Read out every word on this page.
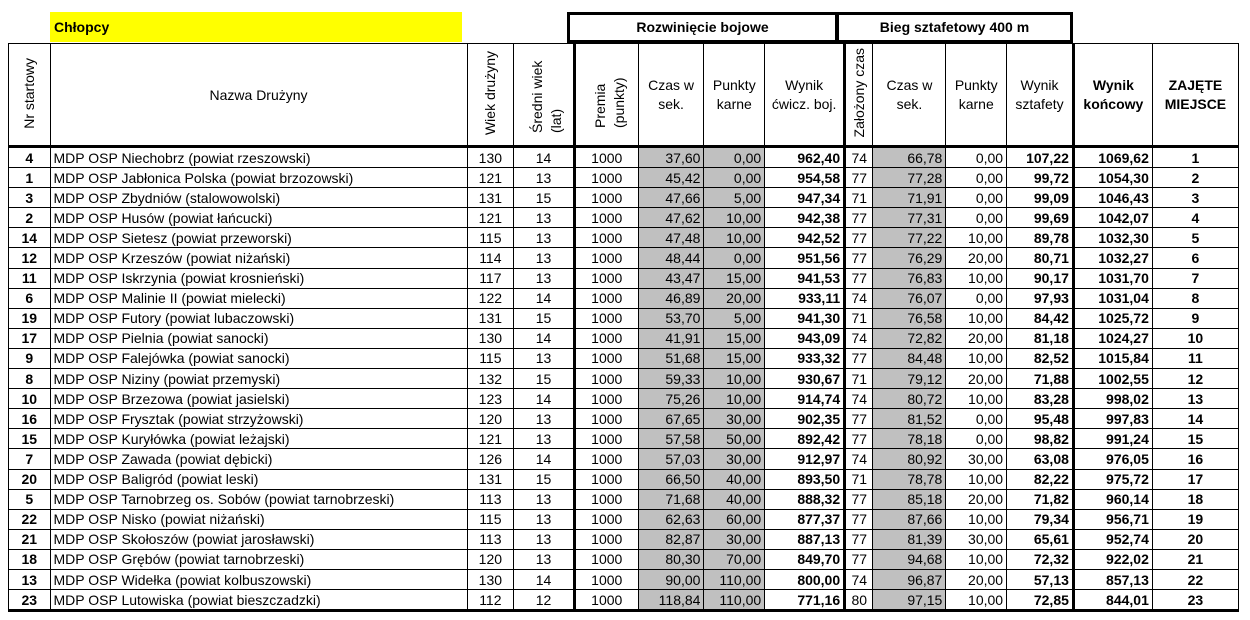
Chłopcy	Rozwinięcie bojowe	Bieg sztafetowy 400 m
Nr startowy	Nazwa Drużyny	Wiek drużyny	Średni wiek (lat)	Premia (punkty)	Czas w sek.	Punkty karne	Wynik ćwicz. boj.	Założony czas	Czas w sek.	Punkty karne	Wynik sztafety	Wynik końcowy	ZAJĘTE MIEJSCE
4	MDP OSP Niechobrz (powiat rzeszowski)	130	14	1000	37,60	0,00	962,40	74	66,78	0,00	107,22	1069,62	1
1	MDP OSP Jabłonica Polska (powiat brzozowski)	121	13	1000	45,42	0,00	954,58	77	77,28	0,00	99,72	1054,30	2
3	MDP OSP Zbydniów (stalowowolski)	131	15	1000	47,66	5,00	947,34	71	71,91	0,00	99,09	1046,43	3
2	MDP OSP Husów (powiat łańcucki)	121	13	1000	47,62	10,00	942,38	77	77,31	0,00	99,69	1042,07	4
14	MDP OSP Sietesz (powiat przeworski)	115	13	1000	47,48	10,00	942,52	77	77,22	10,00	89,78	1032,30	5
12	MDP OSP Krzeszów (powiat niżański)	114	13	1000	48,44	0,00	951,56	77	76,29	20,00	80,71	1032,27	6
11	MDP OSP Iskrzynia (powiat krosnieński)	117	13	1000	43,47	15,00	941,53	77	76,83	10,00	90,17	1031,70	7
6	MDP OSP Malinie II (powiat mielecki)	122	14	1000	46,89	20,00	933,11	74	76,07	0,00	97,93	1031,04	8
19	MDP OSP Futory (powiat lubaczowski)	131	15	1000	53,70	5,00	941,30	71	76,58	10,00	84,42	1025,72	9
17	MDP OSP Pielnia (powiat sanocki)	130	14	1000	41,91	15,00	943,09	74	72,82	20,00	81,18	1024,27	10
9	MDP OSP Falejówka (powiat sanocki)	115	13	1000	51,68	15,00	933,32	77	84,48	10,00	82,52	1015,84	11
8	MDP OSP Niziny (powiat przemyski)	132	15	1000	59,33	10,00	930,67	71	79,12	20,00	71,88	1002,55	12
10	MDP OSP Brzezowa (powiat jasielski)	123	14	1000	75,26	10,00	914,74	74	80,72	10,00	83,28	998,02	13
16	MDP OSP Frysztak (powiat strzyżowski)	120	13	1000	67,65	30,00	902,35	77	81,52	0,00	95,48	997,83	14
15	MDP OSP Kuryłówka (powiat leżajski)	121	13	1000	57,58	50,00	892,42	77	78,18	0,00	98,82	991,24	15
7	MDP OSP Zawada (powiat dębicki)	126	14	1000	57,03	30,00	912,97	74	80,92	30,00	63,08	976,05	16
20	MDP OSP Baligród (powiat leski)	131	15	1000	66,50	40,00	893,50	71	78,78	10,00	82,22	975,72	17
5	MDP OSP Tarnobrzeg os. Sobów (powiat tarnobrzeski)	113	13	1000	71,68	40,00	888,32	77	85,18	20,00	71,82	960,14	18
22	MDP OSP Nisko (powiat niżański)	115	13	1000	62,63	60,00	877,37	77	87,66	10,00	79,34	956,71	19
21	MDP OSP Skołoszów (powiat jarosławski)	113	13	1000	82,87	30,00	887,13	77	81,39	30,00	65,61	952,74	20
18	MDP OSP Grębów (powiat tarnobrzeski)	120	13	1000	80,30	70,00	849,70	77	94,68	10,00	72,32	922,02	21
13	MDP OSP Widełka (powiat kolbuszowski)	130	14	1000	90,00	110,00	800,00	74	96,87	20,00	57,13	857,13	22
23	MDP OSP Lutowiska (powiat bieszczadzki)	112	12	1000	118,84	110,00	771,16	80	97,15	10,00	72,85	844,01	23
